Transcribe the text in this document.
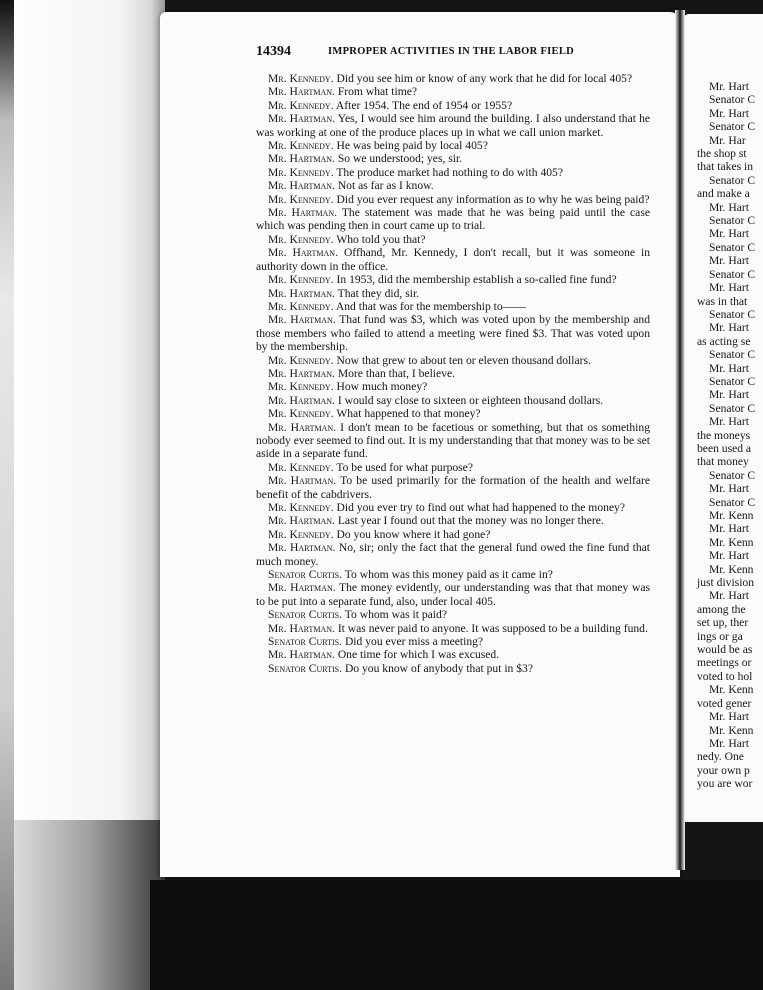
14394	IMPROPER ACTIVITIES IN THE LABOR FIELD

Mr. Kennedy. Did you see him or know of any work that he did for local 405?

Mr. Hartman. From what time?

Mr. Kennedy. After 1954. The end of 1954 or 1955?

Mr. Hartman. Yes, I would see him around the building. I also understand that he was working at one of the produce places up in what we call union market.

Mr. Kennedy. He was being paid by local 405?

Mr. Hartman. So we understood; yes, sir.

Mr. Kennedy. The produce market had nothing to do with 405?

Mr. Hartman. Not as far as I know.

Mr. Kennedy. Did you ever request any information as to why he was being paid?

Mr. Hartman. The statement was made that he was being paid until the case which was pending then in court came up to trial.

Mr. Kennedy. Who told you that?

Mr. Hartman. Offhand, Mr. Kennedy, I don't recall, but it was someone in authority down in the office.

Mr. Kennedy. In 1953, did the membership establish a so-called fine fund?

Mr. Hartman. That they did, sir.

Mr. Kennedy. And that was for the membership to——

Mr. Hartman. That fund was $3, which was voted upon by the membership and those members who failed to attend a meeting were fined $3. That was voted upon by the membership.

Mr. Kennedy. Now that grew to about ten or eleven thousand dollars.

Mr. Hartman. More than that, I believe.

Mr. Kennedy. How much money?

Mr. Hartman. I would say close to sixteen or eighteen thousand dollars.

Mr. Kennedy. What happened to that money?

Mr. Hartman. I don't mean to be facetious or something, but that os something nobody ever seemed to find out. It is my understanding that that money was to be set aside in a separate fund.

Mr. Kennedy. To be used for what purpose?

Mr. Hartman. To be used primarily for the formation of the health and welfare benefit of the cabdrivers.

Mr. Kennedy. Did you ever try to find out what had happened to the money?

Mr. Hartman. Last year I found out that the money was no longer there.

Mr. Kennedy. Do you know where it had gone?

Mr. Hartman. No, sir; only the fact that the general fund owed the fine fund that much money.

Senator Curtis. To whom was this money paid as it came in?

Mr. Hartman. The money evidently, our understanding was that that money was to be put into a separate fund, also, under local 405.

Senator Curtis. To whom was it paid?

Mr. Hartman. It was never paid to anyone. It was supposed to be a building fund.

Senator Curtis. Did you ever miss a meeting?

Mr. Hartman. One time for which I was excused.

Senator Curtis. Do you know of anybody that put in $3?

Mr. Hart
Senator C
Mr. Hart
Senator C
Mr. Har
the shop st
that takes in
Senator C
and make a
Mr. Hart
Senator C
Mr. Hart
Senator C
Mr. Hart
Senator C
Mr. Hart
was in that
Senator C
Mr. Hart
as acting se
Senator C
Mr. Hart
Senator C
Mr. Hart
Senator C
Mr. Hart
the moneys
been used a
that money
Senator C
Mr. Hart
Senator C
Mr. Kenn
Mr. Hart
Mr. Kenn
Mr. Hart
Mr. Kenn
just division
Mr. Hart
among the
set up, ther
ings or ga
would be as
meetings or
voted to hol
Mr. Kenn
voted gener
Mr. Hart
Mr. Kenn
Mr. Hart
nedy. One
your own p
you are wor
